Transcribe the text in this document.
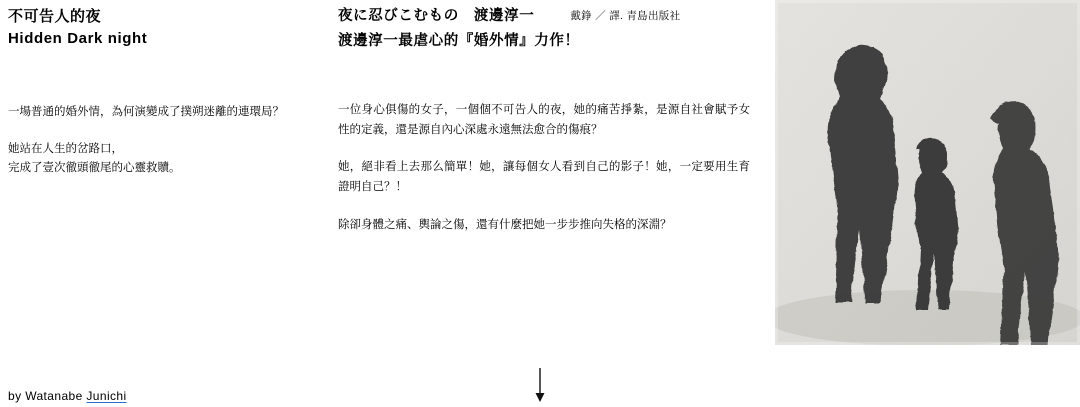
不可告人的夜
Hidden Dark night

一場普通的婚外情，為何演變成了撲朔迷離的連環局？

她站在人生的岔路口，

完成了壹次徹頭徹尾的心靈救贖。

by Watanabe Junichi
夜に忍びこむもの　渡邊淳一	戴錚 ／ 譯. 青島出版社
渡邊淳一最虐心的『婚外情』力作！

一位身心俱傷的女子，一個個不可告人的夜，她的痛苦掙紮，是源自社會賦予女性的定義，還是源自內心深處永遠無法愈合的傷痕？

她，絕非看上去那么簡單！她，讓每個女人看到自己的影子！她，一定要用生育證明自己？！

除卻身體之痛、輿論之傷，還有什麼把她一步步推向失格的深淵？
